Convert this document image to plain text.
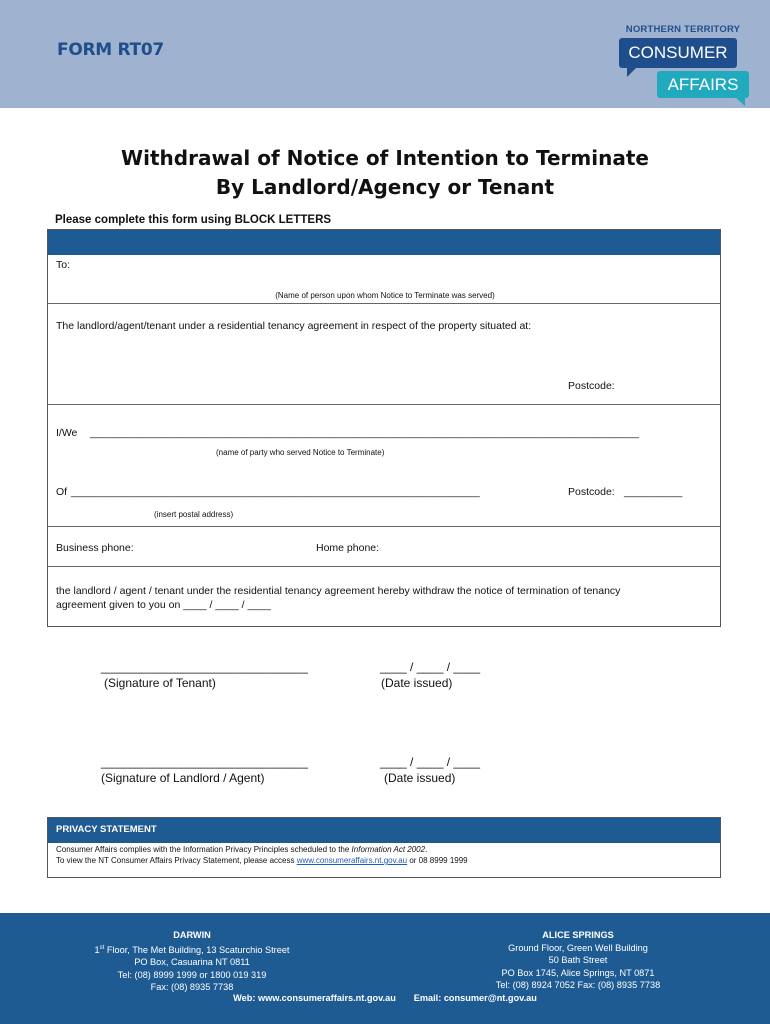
FORM RT07
NORTHERN TERRITORY
CONSUMER
AFFAIRS
Withdrawal of Notice of Intention to Terminate
By Landlord/Agency or Tenant
Please complete this form using BLOCK LETTERS
To:
(Name of person upon whom Notice to Terminate was served)
The landlord/agent/tenant under a residential tenancy agreement in respect of the property situated at:
Postcode:
I/We ______________________________________________________________________________________________
(name of party who served Notice to Terminate)
Of ______________________________________________________________________	Postcode: __________
(insert postal address)
Business phone:	Home phone:
the landlord / agent / tenant under the residential tenancy agreement hereby withdraw the notice of termination of tenancy
agreement given to you on ____ / ____ / ____
_______________________________	____ / ____ / ____
(Signature of Tenant)	(Date issued)
_______________________________	____ / ____ / ____
(Signature of Landlord / Agent)	(Date issued)
PRIVACY STATEMENT
Consumer Affairs complies with the Information Privacy Principles scheduled to the Information Act 2002.
To view the NT Consumer Affairs Privacy Statement, please access www.consumeraffairs.nt.gov.au or 08 8999 1999
DARWIN
1st Floor, The Met Building, 13 Scaturchio Street
PO Box, Casuarina NT 0811
Tel: (08) 8999 1999 or 1800 019 319
Fax: (08) 8935 7738
ALICE SPRINGS
Ground Floor, Green Well Building
50 Bath Street
PO Box 1745, Alice Springs, NT 0871
Tel: (08) 8924 7052 Fax: (08) 8935 7738
Web: www.consumeraffairs.nt.gov.au       Email: consumer@nt.gov.au
